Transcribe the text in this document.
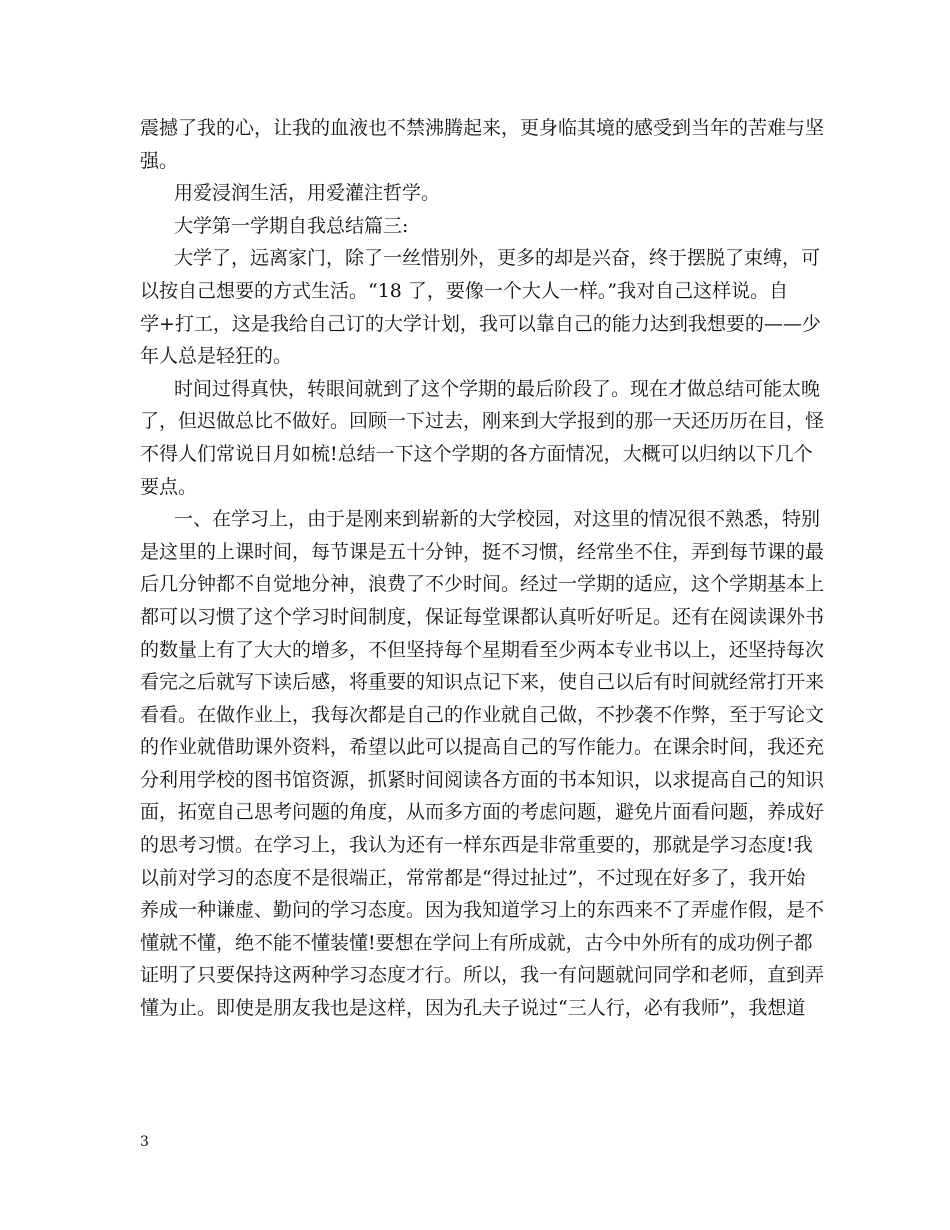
震撼了我的心，让我的血液也不禁沸腾起来，更身临其境的感受到当年的苦难与坚
强。
用爱浸润生活，用爱灌注哲学。
大学第一学期自我总结篇三:
大学了，远离家门，除了一丝惜别外，更多的却是兴奋，终于摆脱了束缚，可
以按自己想要的方式生活。“18 了，要像一个大人一样。”我对自己这样说。自
学+打工，这是我给自己订的大学计划，我可以靠自己的能力达到我想要的——少
年人总是轻狂的。
时间过得真快，转眼间就到了这个学期的最后阶段了。现在才做总结可能太晚
了，但迟做总比不做好。回顾一下过去，刚来到大学报到的那一天还历历在目，怪
不得人们常说日月如梳!总结一下这个学期的各方面情况，大概可以归纳以下几个
要点。
一、在学习上，由于是刚来到崭新的大学校园，对这里的情况很不熟悉，特别
是这里的上课时间，每节课是五十分钟，挺不习惯，经常坐不住，弄到每节课的最
后几分钟都不自觉地分神，浪费了不少时间。经过一学期的适应，这个学期基本上
都可以习惯了这个学习时间制度，保证每堂课都认真听好听足。还有在阅读课外书
的数量上有了大大的增多，不但坚持每个星期看至少两本专业书以上，还坚持每次
看完之后就写下读后感，将重要的知识点记下来，使自己以后有时间就经常打开来
看看。在做作业上，我每次都是自己的作业就自己做，不抄袭不作弊，至于写论文
的作业就借助课外资料，希望以此可以提高自己的写作能力。在课余时间，我还充
分利用学校的图书馆资源，抓紧时间阅读各方面的书本知识，以求提高自己的知识
面，拓宽自己思考问题的角度，从而多方面的考虑问题，避免片面看问题，养成好
的思考习惯。在学习上，我认为还有一样东西是非常重要的，那就是学习态度!我
以前对学习的态度不是很端正，常常都是“得过扯过”，不过现在好多了，我开始
养成一种谦虚、勤问的学习态度。因为我知道学习上的东西来不了弄虚作假，是不
懂就不懂，绝不能不懂装懂!要想在学问上有所成就，古今中外所有的成功例子都
证明了只要保持这两种学习态度才行。所以，我一有问题就问同学和老师，直到弄
懂为止。即使是朋友我也是这样，因为孔夫子说过“三人行，必有我师”，我想道
3
